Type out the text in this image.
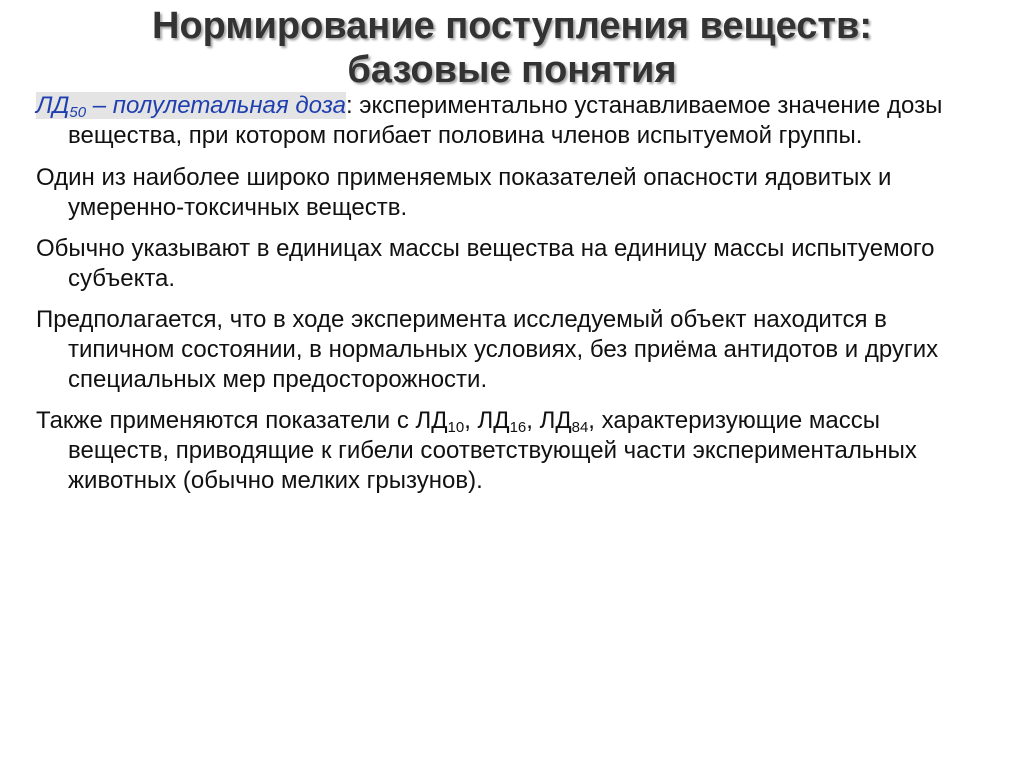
Нормирование поступления веществ:
базовые понятия

$ЛД_{50}$ – полулетальная доза: экспериментально устанавливаемое значение дозы вещества, при котором погибает половина членов испытуемой группы.

Один из наиболее широко применяемых показателей опасности ядовитых и умеренно-токсичных веществ.

Обычно указывают в единицах массы вещества на единицу массы испытуемого субъекта.

Предполагается, что в ходе эксперимента исследуемый объект находится в типичном состоянии, в нормальных условиях, без приёма антидотов и других специальных мер предосторожности.

Также применяются показатели с $ЛД_{10}$, $ЛД_{16}$, $ЛД_{84}$, характеризующие массы веществ, приводящие к гибели соответствующей части экспериментальных животных (обычно мелких грызунов).
